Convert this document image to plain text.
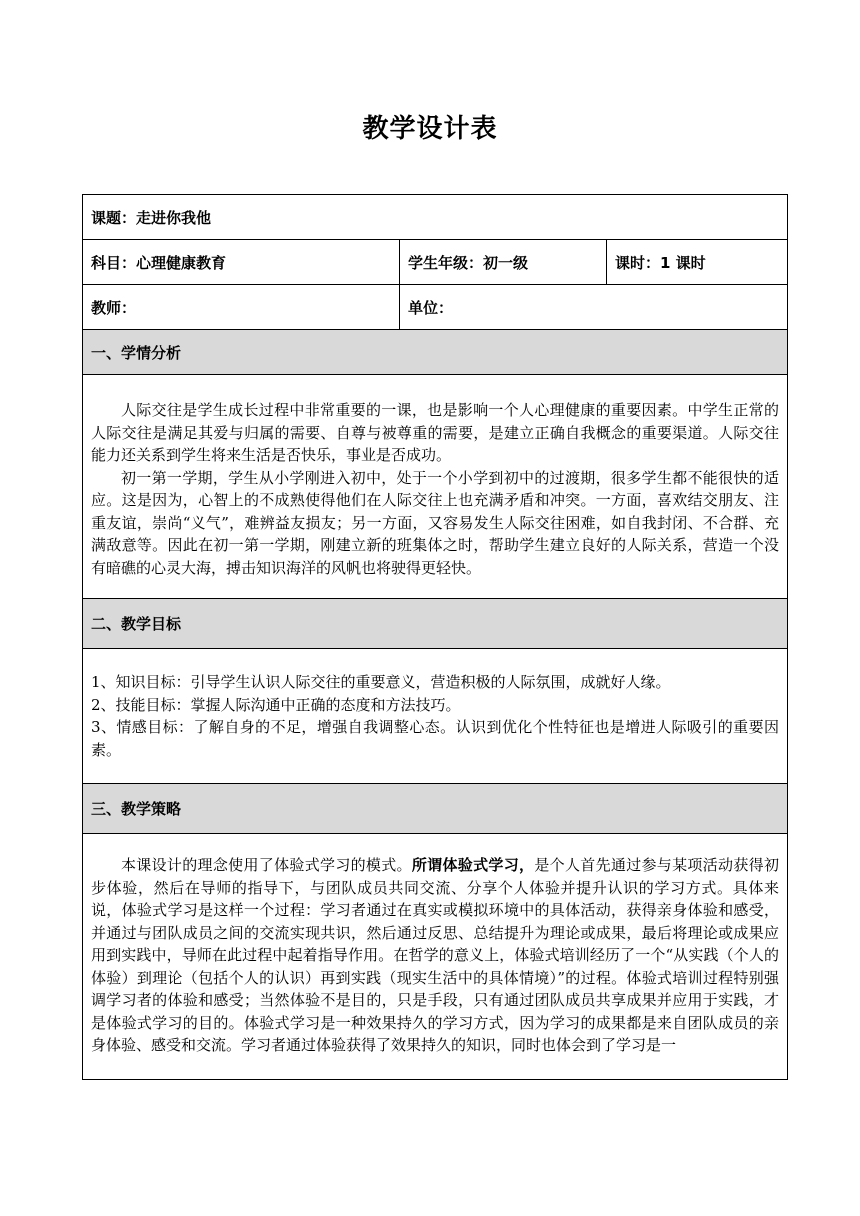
教学设计表
课题：走进你我他		
科目：心理健康教育	学生年级：初一级	课时：1 课时
教师：	单位：	
一、学情分析		

人际交往是学生成长过程中非常重要的一课，也是影响一个人心理健康的重要因素。中学生正常的人际交往是满足其爱与归属的需要、自尊与被尊重的需要，是建立正确自我概念的重要渠道。人际交往能力还关系到学生将来生活是否快乐，事业是否成功。

初一第一学期，学生从小学刚进入初中，处于一个小学到初中的过渡期，很多学生都不能很快的适应。这是因为，心智上的不成熟使得他们在人际交往上也充满矛盾和冲突。一方面，喜欢结交朋友、注重友谊，崇尚“义气”，难辨益友损友；另一方面，又容易发生人际交往困难，如自我封闭、不合群、充满敌意等。因此在初一第一学期，刚建立新的班集体之时，帮助学生建立良好的人际关系，营造一个没有暗礁的心灵大海，搏击知识海洋的风帆也将驶得更轻快。		

二、教学目标		

1、知识目标：引导学生认识人际交往的重要意义，营造积极的人际氛围，成就好人缘。

2、技能目标：掌握人际沟通中正确的态度和方法技巧。

3、情感目标：了解自身的不足，增强自我调整心态。认识到优化个性特征也是增进人际吸引的重要因素。		

三、教学策略		

本课设计的理念使用了体验式学习的模式。所谓体验式学习，是个人首先通过参与某项活动获得初步体验，然后在导师的指导下，与团队成员共同交流、分享个人体验并提升认识的学习方式。具体来说，体验式学习是这样一个过程：学习者通过在真实或模拟环境中的具体活动，获得亲身体验和感受，并通过与团队成员之间的交流实现共识，然后通过反思、总结提升为理论或成果，最后将理论或成果应用到实践中，导师在此过程中起着指导作用。在哲学的意义上，体验式培训经历了一个“从实践（个人的体验）到理论（包括个人的认识）再到实践（现实生活中的具体情境）”的过程。体验式培训过程特别强调学习者的体验和感受；当然体验不是目的，只是手段，只有通过团队成员共享成果并应用于实践，才是体验式学习的目的。体验式学习是一种效果持久的学习方式，因为学习的成果都是来自团队成员的亲身体验、感受和交流。学习者通过体验获得了效果持久的知识，同时也体会到了学习是一		
